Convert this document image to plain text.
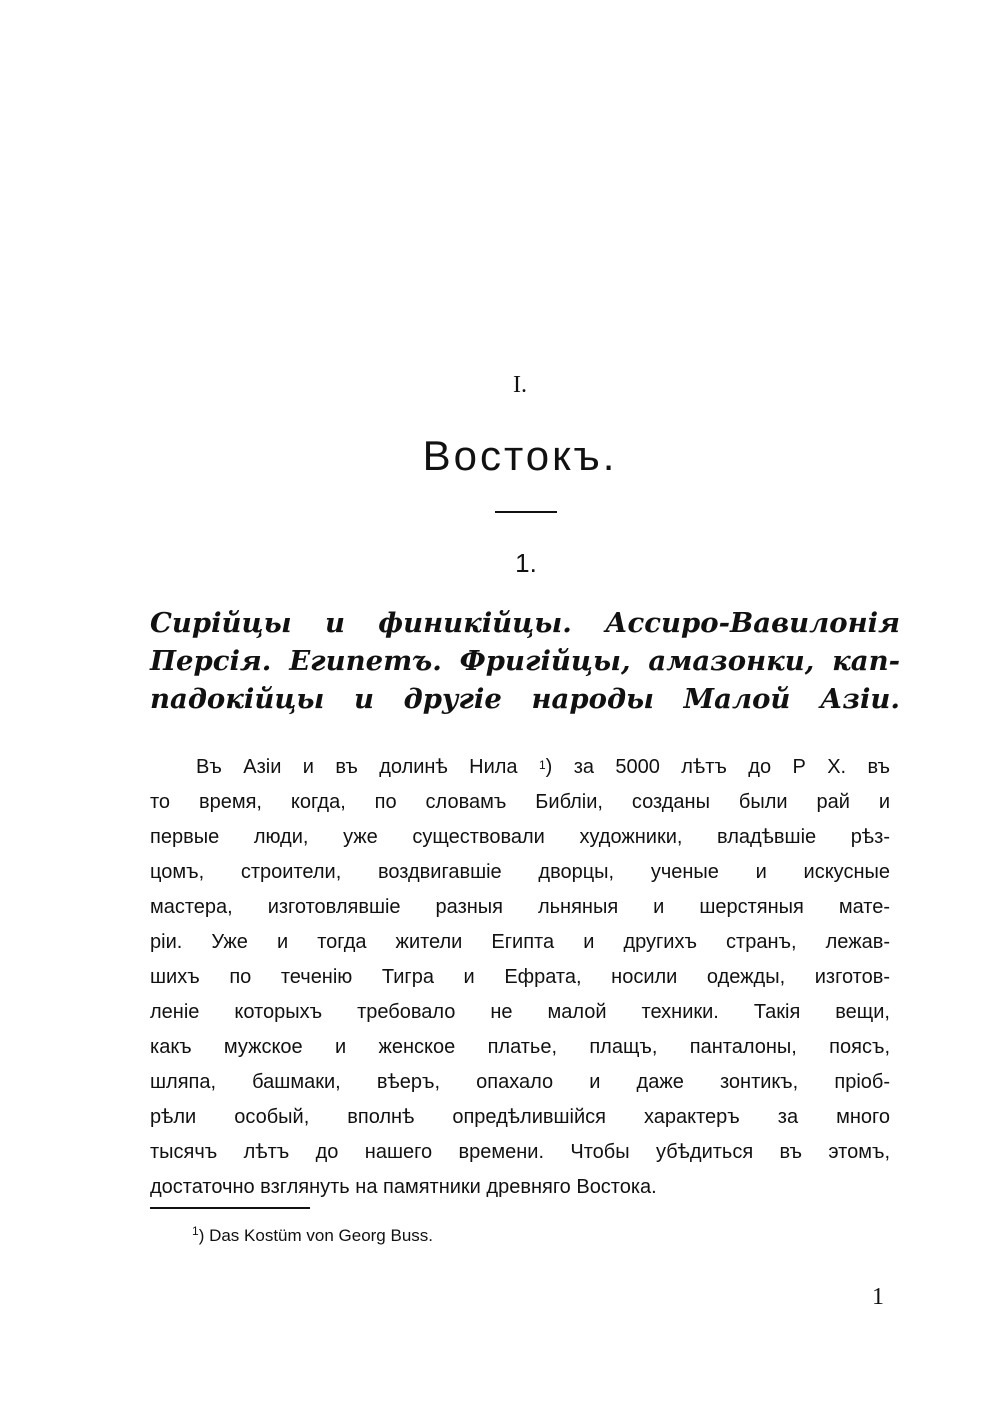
I.
Востокъ.
1.
Сирійцы и финикійцы. Ассиро-Вавилонія
Персія. Египетъ. Фригійцы, амазонки, кап-
падокійцы и другіе народы Малой Азіи.
Въ Азіи и въ долинѣ Нила $^1$) за 5000 лѣтъ до Р Х. въ
то время, когда, по словамъ Библіи, созданы были рай и
первые люди, уже существовали художники, владѣвшіе рѣз-
цомъ, строители, воздвигавшіе дворцы, ученые и искусные
мастера, изготовлявшіе разныя льняныя и шерстяныя мате-
ріи. Уже и тогда жители Египта и другихъ странъ, лежав-
шихъ по теченію Тигра и Ефрата, носили одежды, изготов-
леніе которыхъ требовало не малой техники. Такія вещи,
какъ мужское и женское платье, плащъ, панталоны, поясъ,
шляпа, башмаки, вѣеръ, опахало и даже зонтикъ, пріоб-
рѣли особый, вполнѣ опредѣлившійся характеръ за много
тысячъ лѣтъ до нашего времени. Чтобы убѣдиться въ этомъ,
достаточно взглянуть на памятники древняго Востока.
$^1$) Das Kostüm von Georg Buss.
1
